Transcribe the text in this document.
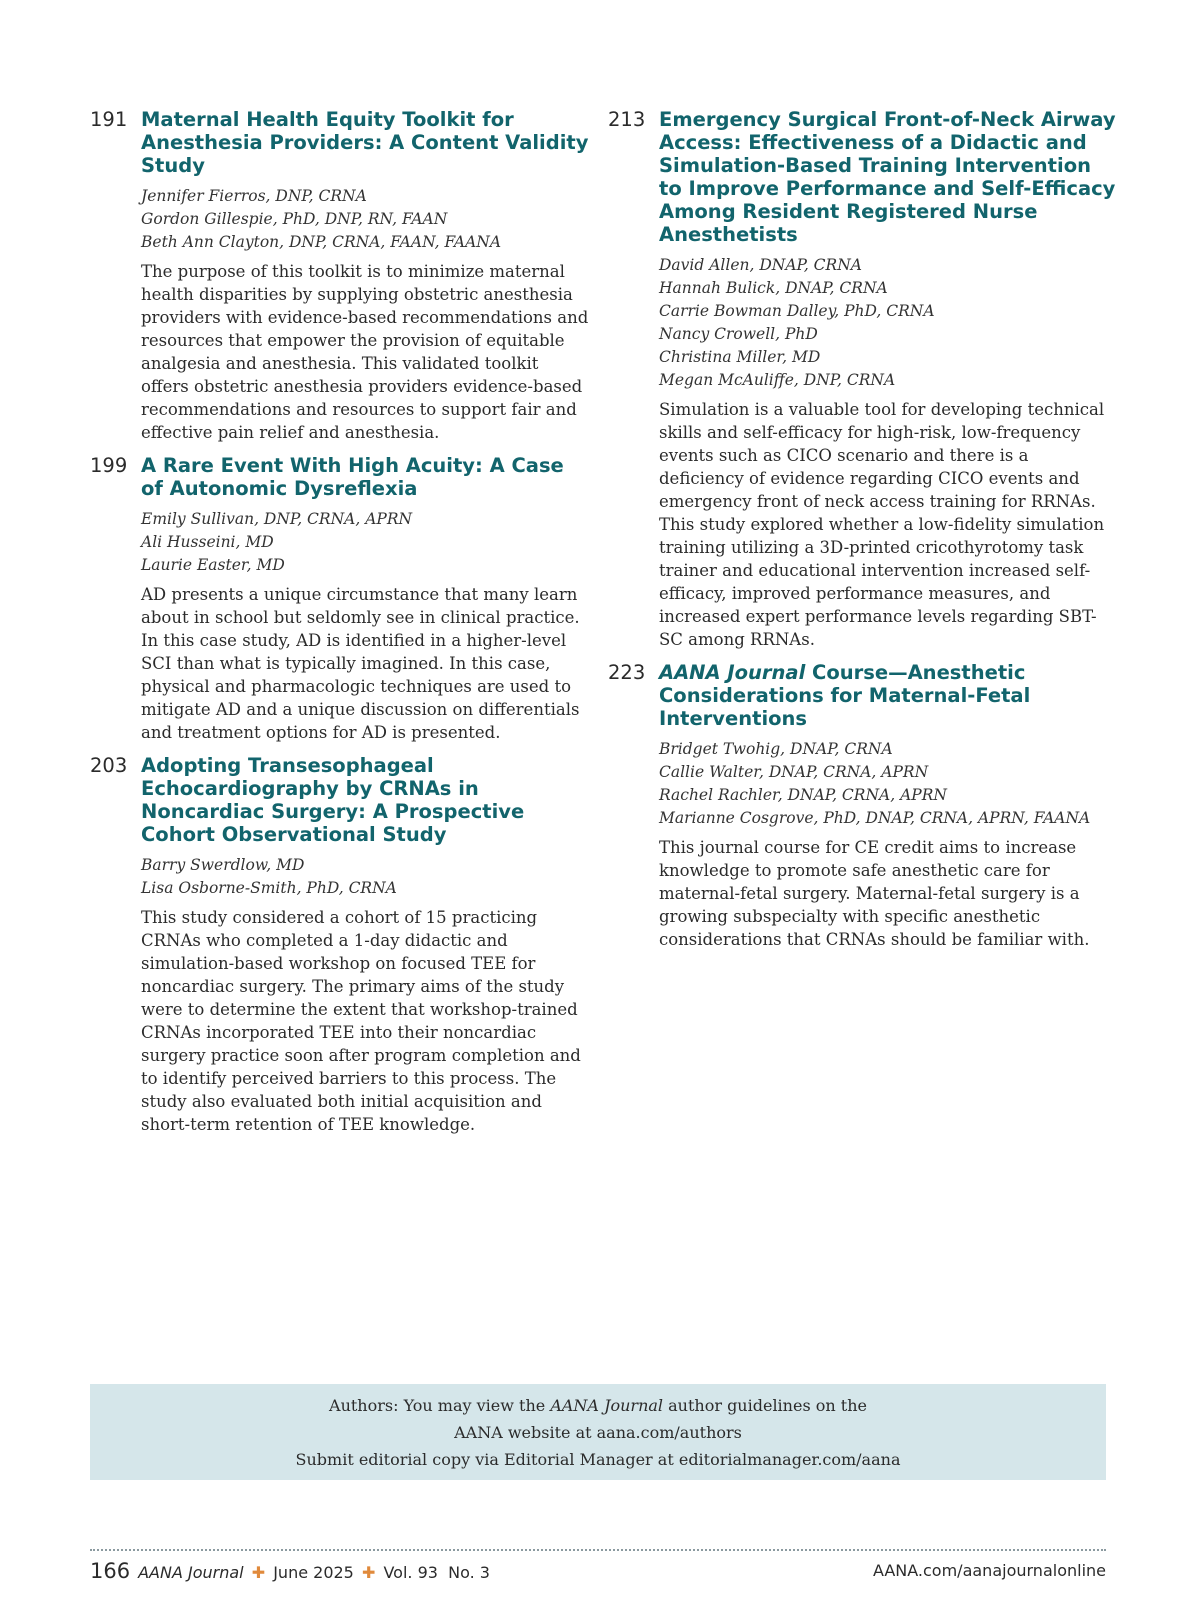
191 Maternal Health Equity Toolkit for Anesthesia Providers: A Content Validity Study
Jennifer Fierros, DNP, CRNA
Gordon Gillespie, PhD, DNP, RN, FAAN
Beth Ann Clayton, DNP, CRNA, FAAN, FAANA

The purpose of this toolkit is to minimize maternal health disparities by supplying obstetric anesthesia providers with evidence-based recommendations and resources that empower the provision of equitable analgesia and anesthesia. This validated toolkit offers obstetric anesthesia providers evidence-based recommendations and resources to support fair and effective pain relief and anesthesia.

199 A Rare Event With High Acuity: A Case of Autonomic Dysreflexia
Emily Sullivan, DNP, CRNA, APRN
Ali Husseini, MD
Laurie Easter, MD

AD presents a unique circumstance that many learn about in school but seldomly see in clinical practice. In this case study, AD is identified in a higher-level SCI than what is typically imagined. In this case, physical and pharmacologic techniques are used to mitigate AD and a unique discussion on differentials and treatment options for AD is presented.

203 Adopting Transesophageal Echocardiography by CRNAs in Noncardiac Surgery: A Prospective Cohort Observational Study
Barry Swerdlow, MD
Lisa Osborne-Smith, PhD, CRNA

This study considered a cohort of 15 practicing CRNAs who completed a 1-day didactic and simulation-based workshop on focused TEE for noncardiac surgery. The primary aims of the study were to determine the extent that workshop-trained CRNAs incorporated TEE into their noncardiac surgery practice soon after program completion and to identify perceived barriers to this process. The study also evaluated both initial acquisition and short-term retention of TEE knowledge.

213 Emergency Surgical Front-of-Neck Airway Access: Effectiveness of a Didactic and Simulation-Based Training Intervention to Improve Performance and Self-Efficacy Among Resident Registered Nurse Anesthetists
David Allen, DNAP, CRNA
Hannah Bulick, DNAP, CRNA
Carrie Bowman Dalley, PhD, CRNA
Nancy Crowell, PhD
Christina Miller, MD
Megan McAuliffe, DNP, CRNA

Simulation is a valuable tool for developing technical skills and self-efficacy for high-risk, low-frequency events such as CICO scenario and there is a deficiency of evidence regarding CICO events and emergency front of neck access training for RRNAs. This study explored whether a low-fidelity simulation training utilizing a 3D-printed cricothyrotomy task trainer and educational intervention increased self-efficacy, improved performance measures, and increased expert performance levels regarding SBT-SC among RRNAs.

223 AANA Journal Course—Anesthetic Considerations for Maternal-Fetal Interventions
Bridget Twohig, DNAP, CRNA
Callie Walter, DNAP, CRNA, APRN
Rachel Rachler, DNAP, CRNA, APRN
Marianne Cosgrove, PhD, DNAP, CRNA, APRN, FAANA

This journal course for CE credit aims to increase knowledge to promote safe anesthetic care for maternal-fetal surgery. Maternal-fetal surgery is a growing subspecialty with specific anesthetic considerations that CRNAs should be familiar with.

Authors: You may view the AANA Journal author guidelines on the
AANA website at aana.com/authors
Submit editorial copy via Editorial Manager at editorialmanager.com/aana
166 AANA Journal ✚ June 2025 ✚ Vol. 93  No. 3	AANA.com/aanajournalonline
